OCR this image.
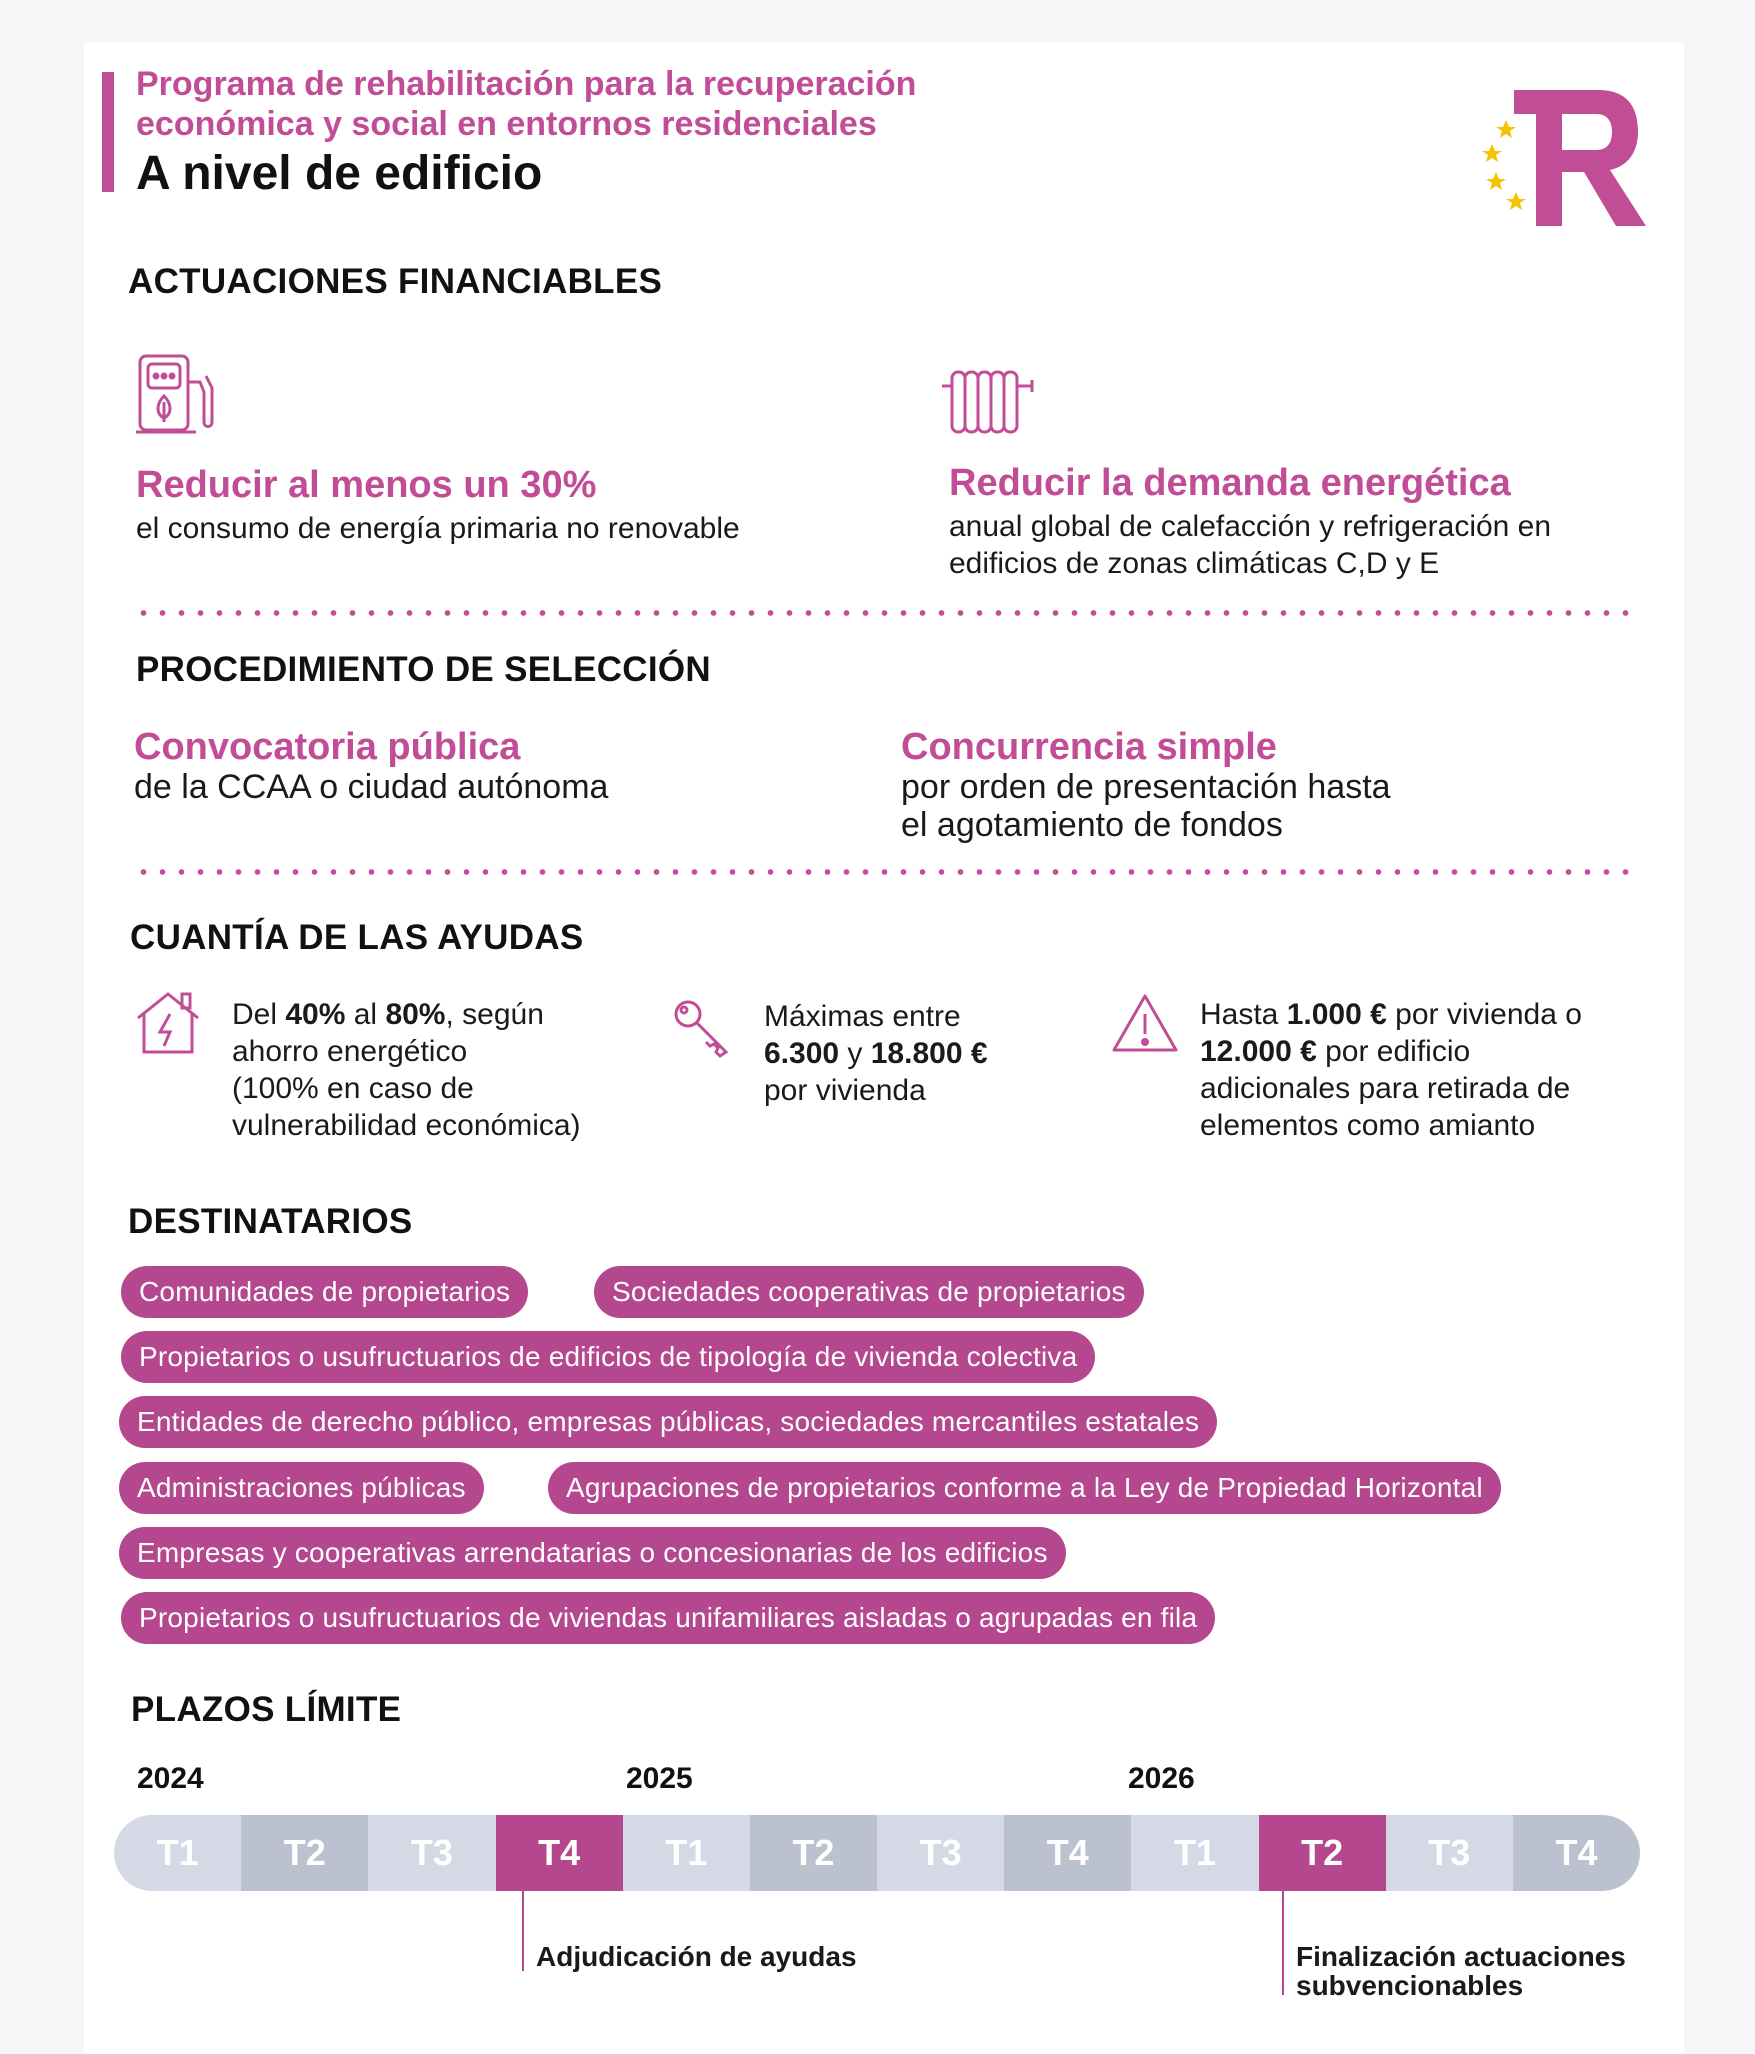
Programa de rehabilitación para la recuperación
económica y social en entornos residenciales
A nivel de edificio
TR
ACTUACIONES FINANCIABLES
Reducir al menos un 30%
el consumo de energía primaria no renovable
Reducir la demanda energética
anual global de calefacción y refrigeración en
edificios de zonas climáticas C,D y E
PROCEDIMIENTO DE SELECCIÓN
Convocatoria pública
de la CCAA o ciudad autónoma
Concurrencia simple
por orden de presentación hasta
el agotamiento de fondos
CUANTÍA DE LAS AYUDAS
Del 40% al 80%, según
ahorro energético
(100% en caso de
vulnerabilidad económica)
Máximas entre
6.300 y 18.800 €
por vivienda
Hasta 1.000 € por vivienda o
12.000 € por edificio
adicionales para retirada de
elementos como amianto
DESTINATARIOS
Comunidades de propietarios	Sociedades cooperativas de propietarios
Propietarios o usufructuarios de edificios de tipología de vivienda colectiva
Entidades de derecho público, empresas públicas, sociedades mercantiles estatales
Administraciones públicas	Agrupaciones de propietarios conforme a la Ley de Propiedad Horizontal
Empresas y cooperativas arrendatarias o concesionarias de los edificios
Propietarios o usufructuarios de viviendas unifamiliares aisladas o agrupadas en fila
PLAZOS LÍMITE
2024	2025	2026
T1	T2	T3	T4	T1	T2	T3	T4	T1	T2	T3	T4
Adjudicación de ayudas	Finalización actuaciones
subvencionables
